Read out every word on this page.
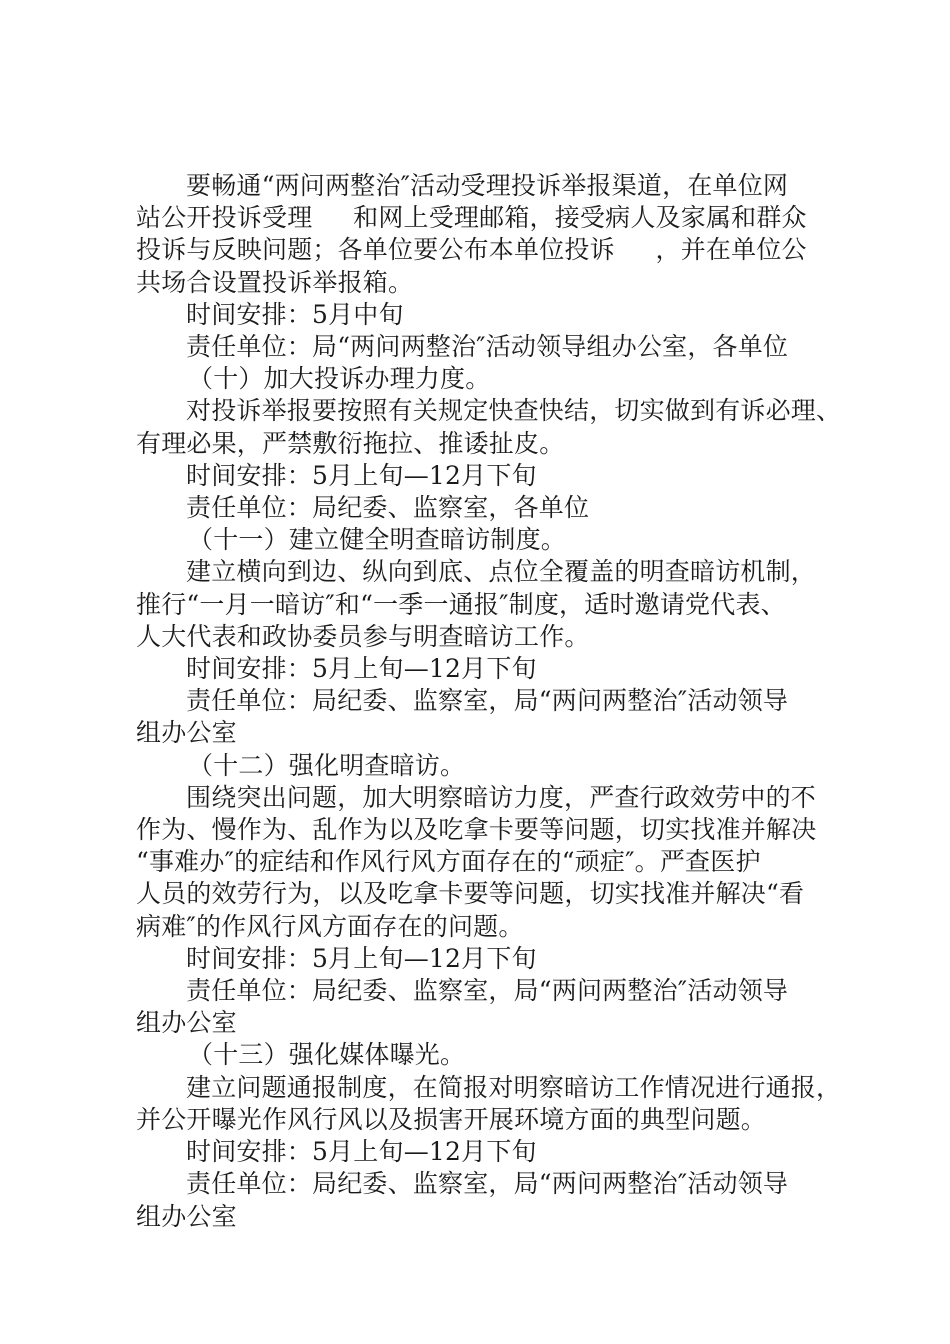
要畅通“两问两整治″活动受理投诉举报渠道，在单位网
站公开投诉受理     和网上受理邮箱，接受病人及家属和群众
投诉与反映问题；各单位要公布本单位投诉     ，并在单位公
共场合设置投诉举报箱。
时间安排：5月中旬
责任单位：局“两问两整治″活动领导组办公室，各单位
（十）加大投诉办理力度。
对投诉举报要按照有关规定快查快结，切实做到有诉必理、
有理必果，严禁敷衍拖拉、推诿扯皮。
时间安排：5月上旬—12月下旬
责任单位：局纪委、监察室，各单位
（十一）建立健全明查暗访制度。
建立横向到边、纵向到底、点位全覆盖的明查暗访机制，
推行“一月一暗访″和“一季一通报″制度，适时邀请党代表、
人大代表和政协委员参与明查暗访工作。
时间安排：5月上旬—12月下旬
责任单位：局纪委、监察室，局“两问两整治″活动领导
组办公室
（十二）强化明查暗访。
围绕突出问题，加大明察暗访力度，严查行政效劳中的不
作为、慢作为、乱作为以及吃拿卡要等问题，切实找准并解决
“事难办″的症结和作风行风方面存在的“顽症″。严查医护
人员的效劳行为，以及吃拿卡要等问题，切实找准并解决“看
病难″的作风行风方面存在的问题。
时间安排：5月上旬—12月下旬
责任单位：局纪委、监察室，局“两问两整治″活动领导
组办公室
（十三）强化媒体曝光。
建立问题通报制度，在简报对明察暗访工作情况进行通报，
并公开曝光作风行风以及损害开展环境方面的典型问题。
时间安排：5月上旬—12月下旬
责任单位：局纪委、监察室，局“两问两整治″活动领导
组办公室
